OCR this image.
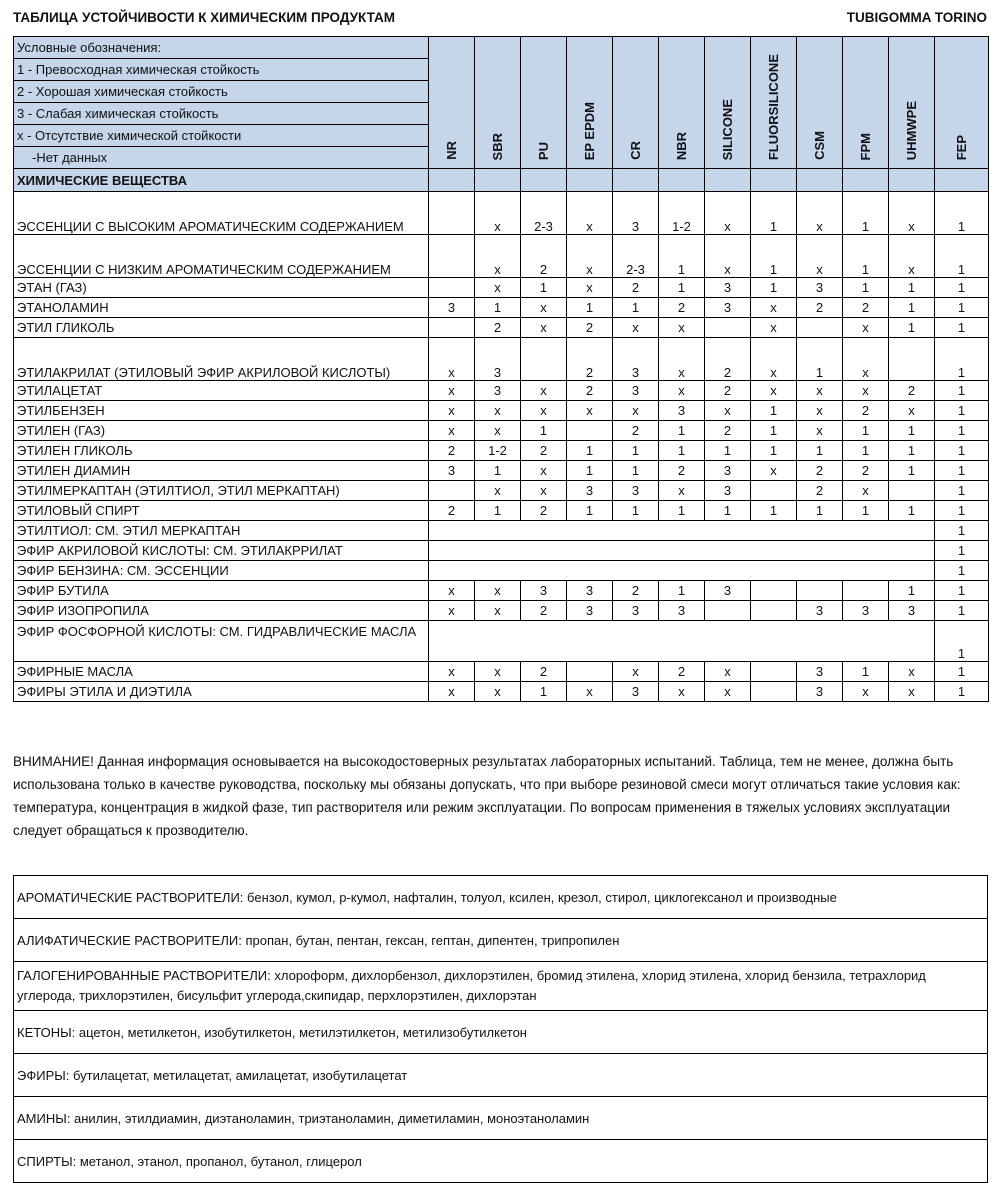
ТАБЛИЦА УСТОЙЧИВОСТИ К ХИМИЧЕСКИМ ПРОДУКТАМ	TUBIGOMMA TORINO
Условные обозначения:	NR	SBR	PU	EP EPDM	CR	NBR	SILICONE	FLUORSILICONE	CSM	FPM	UHMWPE	FEP

1 - Превосходная химическая стойкость												
2 - Хорошая химическая стойкость												
3 - Слабая химическая стойкость												
x - Отсутствие химической стойкости												
-Нет данных												
ХИМИЧЕСКИЕ ВЕЩЕСТВА												
ЭССЕНЦИИ С ВЫСОКИМ АРОМАТИЧЕСКИМ СОДЕРЖАНИЕМ		x	2-3	x	3	1-2	x	1	x	1	x	1
ЭССЕНЦИИ С НИЗКИМ АРОМАТИЧЕСКИМ СОДЕРЖАНИЕМ		x	2	x	2-3	1	x	1	x	1	x	1
ЭТАН (ГАЗ)		x	1	x	2	1	3	1	3	1	1	1
ЭТАНОЛАМИН	3	1	x	1	1	2	3	x	2	2	1	1
ЭТИЛ ГЛИКОЛЬ		2	x	2	x	x		x		x	1	1
ЭТИЛАКРИЛАТ (ЭТИЛОВЫЙ ЭФИР АКРИЛОВОЙ КИСЛОТЫ)	x	3		2	3	x	2	x	1	x		1
ЭТИЛАЦЕТАТ	x	3	x	2	3	x	2	x	x	x	2	1
ЭТИЛБЕНЗЕН	x	x	x	x	x	3	x	1	x	2	x	1
ЭТИЛЕН (ГАЗ)	x	x	1		2	1	2	1	x	1	1	1
ЭТИЛЕН ГЛИКОЛЬ	2	1-2	2	1	1	1	1	1	1	1	1	1
ЭТИЛЕН ДИАМИН	3	1	x	1	1	2	3	x	2	2	1	1
ЭТИЛМЕРКАПТАН (ЭТИЛТИОЛ, ЭТИЛ МЕРКАПТАН)		x	x	3	3	x	3		2	x		1
ЭТИЛОВЫЙ СПИРТ	2	1	2	1	1	1	1	1	1	1	1	1
ЭТИЛТИОЛ: СМ. ЭТИЛ МЕРКАПТАН												1
ЭФИР АКРИЛОВОЙ КИСЛОТЫ: СМ. ЭТИЛАКРРИЛАТ												1
ЭФИР БЕНЗИНА: СМ. ЭССЕНЦИИ												1
ЭФИР БУТИЛА	x	x	3	3	2	1	3				1	1
ЭФИР ИЗОПРОПИЛА	x	x	2	3	3	3			3	3	3	1
ЭФИР ФОСФОРНОЙ КИСЛОТЫ: СМ. ГИДРАВЛИЧЕСКИЕ МАСЛА												1
ЭФИРНЫЕ МАСЛА	x	x	2		x	2	x		3	1	x	1
ЭФИРЫ ЭТИЛА И ДИЭТИЛА	x	x	1	x	3	x	x		3	x	x	1
ВНИМАНИЕ! Данная информация основывается на высокодостоверных результатах лабораторных испытаний. Таблица, тем не менее, должна быть использована только в качестве руководства, поскольку мы обязаны допускать, что при выборе резиновой смеси могут отличаться такие условия как: температура, концентрация в жидкой фазе, тип растворителя или режим эксплуатации. По вопросам применения в тяжелых условиях эксплуатации следует обращаться к прозводителю.
АРОМАТИЧЕСКИЕ РАСТВОРИТЕЛИ: бензол, кумол, р-кумол, нафталин, толуол, ксилен, крезол, стирол, циклогексанол и производные
АЛИФАТИЧЕСКИЕ РАСТВОРИТЕЛИ: пропан, бутан, пентан, гексан, гептан, дипентен, трипропилен
ГАЛОГЕНИРОВАННЫЕ РАСТВОРИТЕЛИ: хлороформ, дихлорбензол, дихлорэтилен, бромид этилена, хлорид этилена, хлорид бензила, тетрахлорид углерода, трихлорэтилен, бисульфит углерода,скипидар, перхлорэтилен, дихлорэтан
КЕТОНЫ: ацетон, метилкетон, изобутилкетон, метилэтилкетон, метилизобутилкетон
ЭФИРЫ: бутилацетат, метилацетат, амилацетат, изобутилацетат
АМИНЫ: анилин, этилдиамин, диэтаноламин, триэтаноламин, диметиламин, моноэтаноламин
СПИРТЫ: метанол, этанол, пропанол, бутанол, глицерол
